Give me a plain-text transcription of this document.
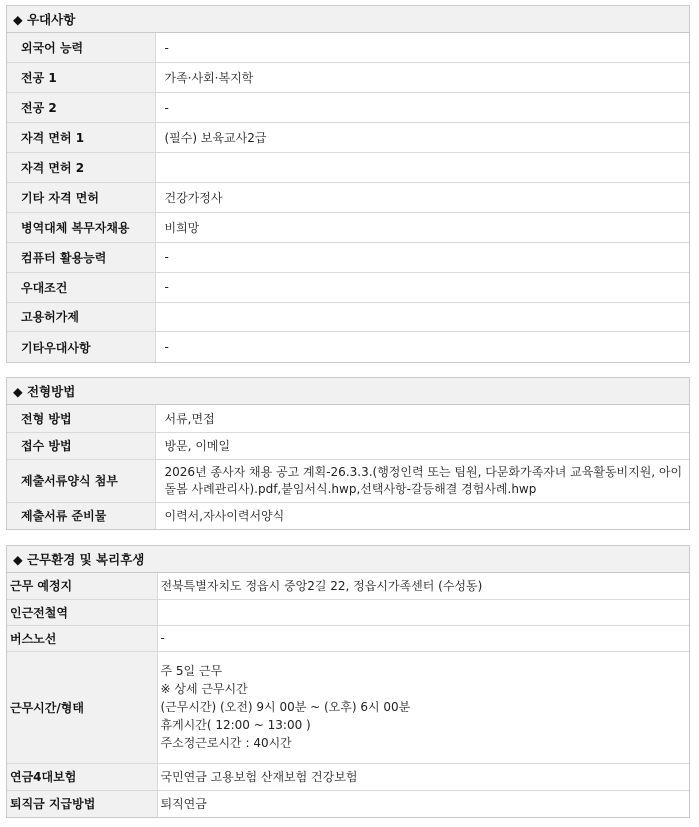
◆ 우대사항
외국어 능력	-
전공 1	가족·사회·복지학
전공 2	-
자격 면허 1	(필수) 보육교사2급
자격 면허 2	
기타 자격 면허	건강가정사
병역대체 복무자채용	비희망
컴퓨터 활용능력	-
우대조건	-
고용허가제	
기타우대사항	-
◆ 전형방법
전형 방법	서류,면접
접수 방법	방문, 이메일
제출서류양식 첨부	2026년 종사자 채용 공고 계획-26.3.3.(행정인력 또는 팀원, 다문화가족자녀 교육활동비지원, 아이돌봄 사례관리사).pdf,붙임서식.hwp,선택사항-갈등해결 경험사례.hwp
제출서류 준비물	이력서,자사이력서양식
◆ 근무환경 및 복리후생
근무 예정지	전북특별자치도 정읍시 중앙2길 22, 정읍시가족센터 (수성동)
인근전철역	
버스노선	-
근무시간/형태	주 5일 근무
※ 상세 근무시간
(근무시간) (오전) 9시 00분 ~ (오후) 6시 00분
휴게시간( 12:00 ~ 13:00 )
주소정근로시간 : 40시간

연금4대보험	국민연금 고용보험 산재보험 건강보험
퇴직금 지급방법	퇴직연금
